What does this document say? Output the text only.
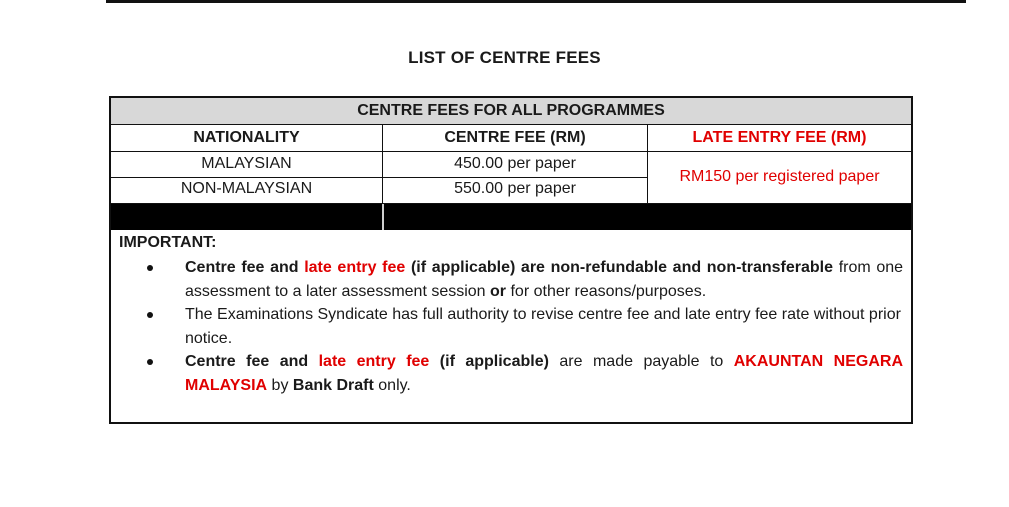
LIST OF CENTRE FEES
CENTRE FEES FOR ALL PROGRAMMES
NATIONALITY	CENTRE FEE (RM)	LATE ENTRY FEE (RM)
MALAYSIAN	450.00 per paper
NON-MALAYSIAN	550.00 per paper
RM150 per registered paper
IMPORTANT:

Centre fee and late entry fee (if applicable) are non-refundable and non-transferable from one assessment to a later assessment session or for other reasons/purposes.

The Examinations Syndicate has full authority to revise centre fee and late entry fee rate without prior notice.

Centre fee and late entry fee (if applicable) are made payable to AKAUNTAN NEGARA MALAYSIA by Bank Draft only.
